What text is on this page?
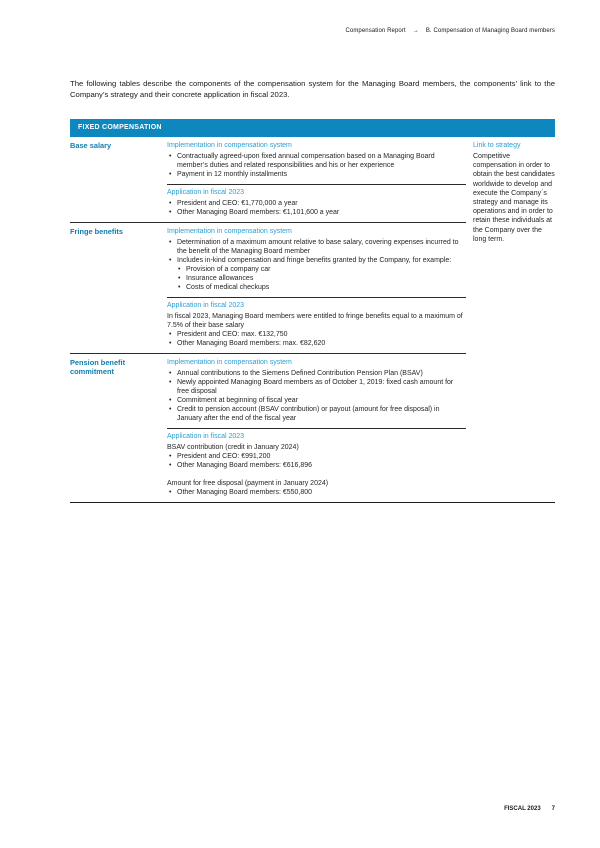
Compensation Report → B. Compensation of Managing Board members

The following tables describe the components of the compensation system for the Managing Board members, the components’ link to the Company’s strategy and their concrete application in fiscal 2023.

FIXED COMPENSATION
Base salary	Implementation in compensation system
• Contractually agreed-upon fixed annual compensation based on a Managing Board member’s duties and related responsibilities and his or her experience
• Payment in 12 monthly installments
Application in fiscal 2023
• President and CEO: €1,770,000 a year
• Other Managing Board members: €1,101,600 a year
Fringe benefits	Implementation in compensation system
• Determination of a maximum amount relative to base salary, covering expenses incurred to the benefit of the Managing Board member
• Includes in-kind compensation and fringe benefits granted by the Company, for example:
• Provision of a company car
• Insurance allowances
• Costs of medical checkups
Application in fiscal 2023
In fiscal 2023, Managing Board members were entitled to fringe benefits equal to a maximum of 7.5% of their base salary
• President and CEO: max. €132,750
• Other Managing Board members: max. €82,620
Pension benefit commitment
Implementation in compensation system
• Annual contributions to the Siemens Defined Contribution Pension Plan (BSAV)
• Newly appointed Managing Board members as of October 1, 2019: fixed cash amount for free disposal
• Commitment at beginning of fiscal year
• Credit to pension account (BSAV contribution) or payout (amount for free disposal) in January after the end of the fiscal year
Application in fiscal 2023
BSAV contribution (credit in January 2024)
• President and CEO: €991,200
• Other Managing Board members: €616,896
Amount for free disposal (payment in January 2024)
• Other Managing Board members: €550,800
Link to strategy
Competitive compensation in order to obtain the best candidates worldwide to develop and execute the Company´s strategy and manage its operations and in order to retain these individuals at the Company over the long term.
FISCAL 2023 7
